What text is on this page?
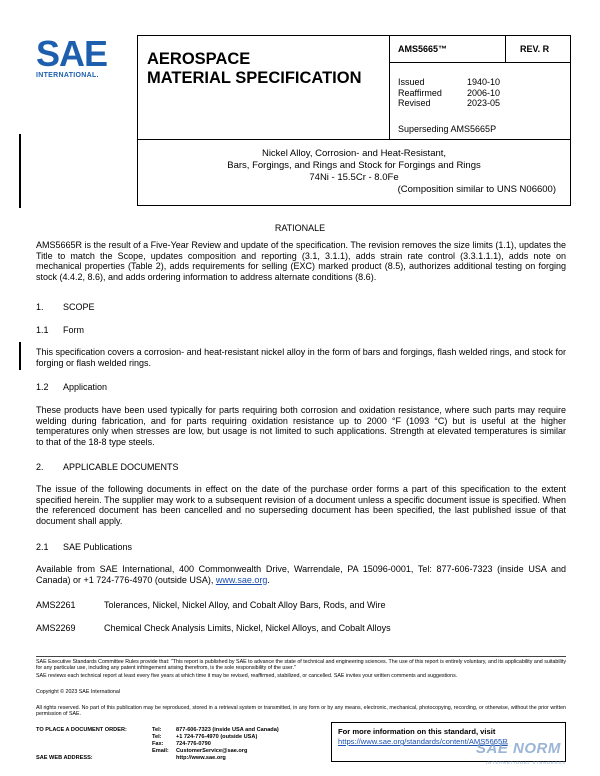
SAE
INTERNATIONAL.
AEROSPACE
MATERIAL SPECIFICATION
AMS5665™	REV. R
Issued	1940-10
Reaffirmed	2006-10
Revised	2023-05
Superseding AMS5665P
Nickel Alloy, Corrosion- and Heat-Resistant,
Bars, Forgings, and Rings and Stock for Forgings and Rings
74Ni - 15.5Cr - 8.0Fe
(Composition similar to UNS N06600)
RATIONALE
AMS5665R is the result of a Five-Year Review and update of the specification. The revision removes the size limits (1.1), updates the Title to match the Scope, updates composition and reporting (3.1, 3.1.1), adds strain rate control (3.3.1.1.1), adds note on mechanical properties (Table 2), adds requirements for selling (EXC) marked product (8.5), authorizes additional testing on forging stock (4.4.2, 8.6), and adds ordering information to address alternate conditions (8.6).
1. SCOPE
1.1 Form
This specification covers a corrosion- and heat-resistant nickel alloy in the form of bars and forgings, flash welded rings, and stock for forging or flash welded rings.
1.2 Application
These products have been used typically for parts requiring both corrosion and oxidation resistance, where such parts may require welding during fabrication, and for parts requiring oxidation resistance up to 2000 °F (1093 °C) but is useful at the higher temperatures only when stresses are low, but usage is not limited to such applications. Strength at elevated temperatures is similar to that of the 18-8 type steels.
2. APPLICABLE DOCUMENTS
The issue of the following documents in effect on the date of the purchase order forms a part of this specification to the extent specified herein. The supplier may work to a subsequent revision of a document unless a specific document issue is specified. When the referenced document has been cancelled and no superseding document has been specified, the last published issue of that document shall apply.
2.1 SAE Publications
Available from SAE International, 400 Commonwealth Drive, Warrendale, PA 15096-0001, Tel: 877-606-7323 (inside USA and Canada) or +1 724-776-4970 (outside USA), www.sae.org.
AMS2261	Tolerances, Nickel, Nickel Alloy, and Cobalt Alloy Bars, Rods, and Wire
AMS2269	Chemical Check Analysis Limits, Nickel, Nickel Alloys, and Cobalt Alloys
SAE Executive Standards Committee Rules provide that: "This report is published by SAE to advance the state of technical and engineering sciences. The use of this report is entirely voluntary, and its applicability and suitability for any particular use, including any patent infringement arising therefrom, is the sole responsibility of the user."
SAE reviews each technical report at least every five years at which time it may be revised, reaffirmed, stabilized, or cancelled. SAE invites your written comments and suggestions.
Copyright © 2023 SAE International
All rights reserved. No part of this publication may be reproduced, stored in a retrieval system or transmitted, in any form or by any means, electronic, mechanical, photocopying, recording, or otherwise, without the prior written permission of SAE.
TO PLACE A DOCUMENT ORDER:	Tel:	877-606-7323 (inside USA and Canada)
Tel:	+1 724-776-4970 (outside USA)
Fax: 724-776-0790
Email: CustomerService@sae.org
SAE WEB ADDRESS:	http://www.sae.org
For more information on this standard, visit
https://www.sae.org/standards/content/AMS5665R
SAE NORM
INTERNATIONAL STANDARDS
